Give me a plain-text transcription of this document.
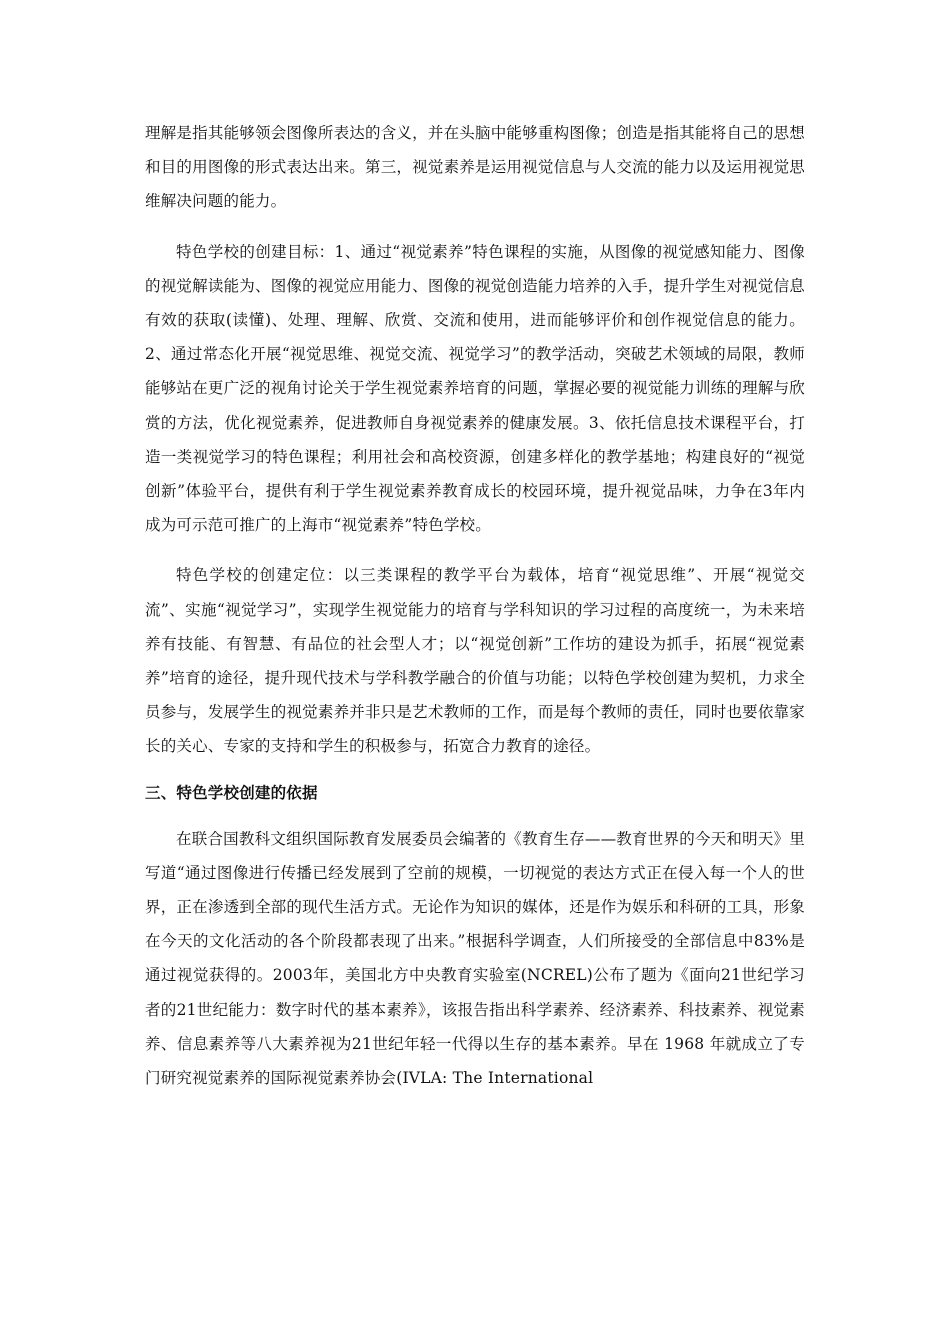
理解是指其能够领会图像所表达的含义，并在头脑中能够重构图像；创造是指其能将自己的思想和目的用图像的形式表达出来。第三，视觉素养是运用视觉信息与人交流的能力以及运用视觉思维解决问题的能力。

特色学校的创建目标：1、通过“视觉素养”特色课程的实施，从图像的视觉感知能力、图像的视觉解读能为、图像的视觉应用能力、图像的视觉创造能力培养的入手，提升学生对视觉信息有效的获取(读懂)、处理、理解、欣赏、交流和使用，进而能够评价和创作视觉信息的能力。2、通过常态化开展“视觉思维、视觉交流、视觉学习”的教学活动，突破艺术领域的局限，教师能够站在更广泛的视角讨论关于学生视觉素养培育的问题，掌握必要的视觉能力训练的理解与欣赏的方法，优化视觉素养，促进教师自身视觉素养的健康发展。3、依托信息技术课程平台，打造一类视觉学习的特色课程；利用社会和高校资源，创建多样化的教学基地；构建良好的“视觉创新”体验平台，提供有利于学生视觉素养教育成长的校园环境，提升视觉品味，力争在3年内成为可示范可推广的上海市“视觉素养”特色学校。

特色学校的创建定位：以三类课程的教学平台为载体，培育“视觉思维”、开展“视觉交流”、实施“视觉学习”，实现学生视觉能力的培育与学科知识的学习过程的高度统一，为未来培养有技能、有智慧、有品位的社会型人才；以“视觉创新”工作坊的建设为抓手，拓展“视觉素养”培育的途径，提升现代技术与学科教学融合的价值与功能；以特色学校创建为契机，力求全员参与，发展学生的视觉素养并非只是艺术教师的工作，而是每个教师的责任，同时也要依靠家长的关心、专家的支持和学生的积极参与，拓宽合力教育的途径。

三、特色学校创建的依据

在联合国教科文组织国际教育发展委员会编著的《教育生存——教育世界的今天和明天》里写道“通过图像进行传播已经发展到了空前的规模，一切视觉的表达方式正在侵入每一个人的世界，正在渗透到全部的现代生活方式。无论作为知识的媒体，还是作为娱乐和科研的工具，形象在今天的文化活动的各个阶段都表现了出来。”根据科学调查，人们所接受的全部信息中83%是通过视觉获得的。2003年，美国北方中央教育实验室(NCREL)公布了题为《面向21世纪学习者的21世纪能力：数字时代的基本素养》，该报告指出科学素养、经济素养、科技素养、视觉素养、信息素养等八大素养视为21世纪年轻一代得以生存的基本素养。早在 1968 年就成立了专门研究视觉素养的国际视觉素养协会(IVLA: The International
